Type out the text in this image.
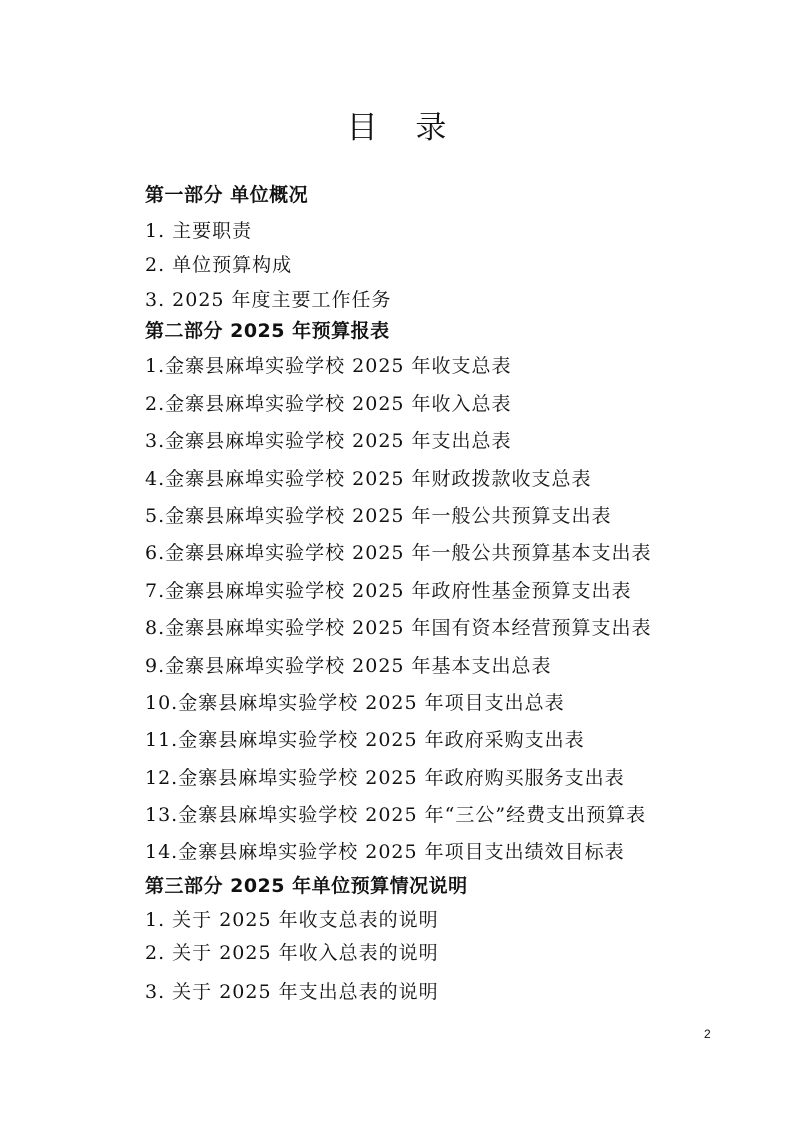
目 录
第一部分 单位概况
1. 主要职责
2. 单位预算构成
3. 2025 年度主要工作任务
第二部分 2025 年预算报表
1.金寨县麻埠实验学校 2025 年收支总表
2.金寨县麻埠实验学校 2025 年收入总表
3.金寨县麻埠实验学校 2025 年支出总表
4.金寨县麻埠实验学校 2025 年财政拨款收支总表
5.金寨县麻埠实验学校 2025 年一般公共预算支出表
6.金寨县麻埠实验学校 2025 年一般公共预算基本支出表
7.金寨县麻埠实验学校 2025 年政府性基金预算支出表
8.金寨县麻埠实验学校 2025 年国有资本经营预算支出表
9.金寨县麻埠实验学校 2025 年基本支出总表
10.金寨县麻埠实验学校 2025 年项目支出总表
11.金寨县麻埠实验学校 2025 年政府采购支出表
12.金寨县麻埠实验学校 2025 年政府购买服务支出表
13.金寨县麻埠实验学校 2025 年“三公”经费支出预算表
14.金寨县麻埠实验学校 2025 年项目支出绩效目标表
第三部分 2025 年单位预算情况说明
1. 关于 2025 年收支总表的说明
2. 关于 2025 年收入总表的说明
3. 关于 2025 年支出总表的说明
2
